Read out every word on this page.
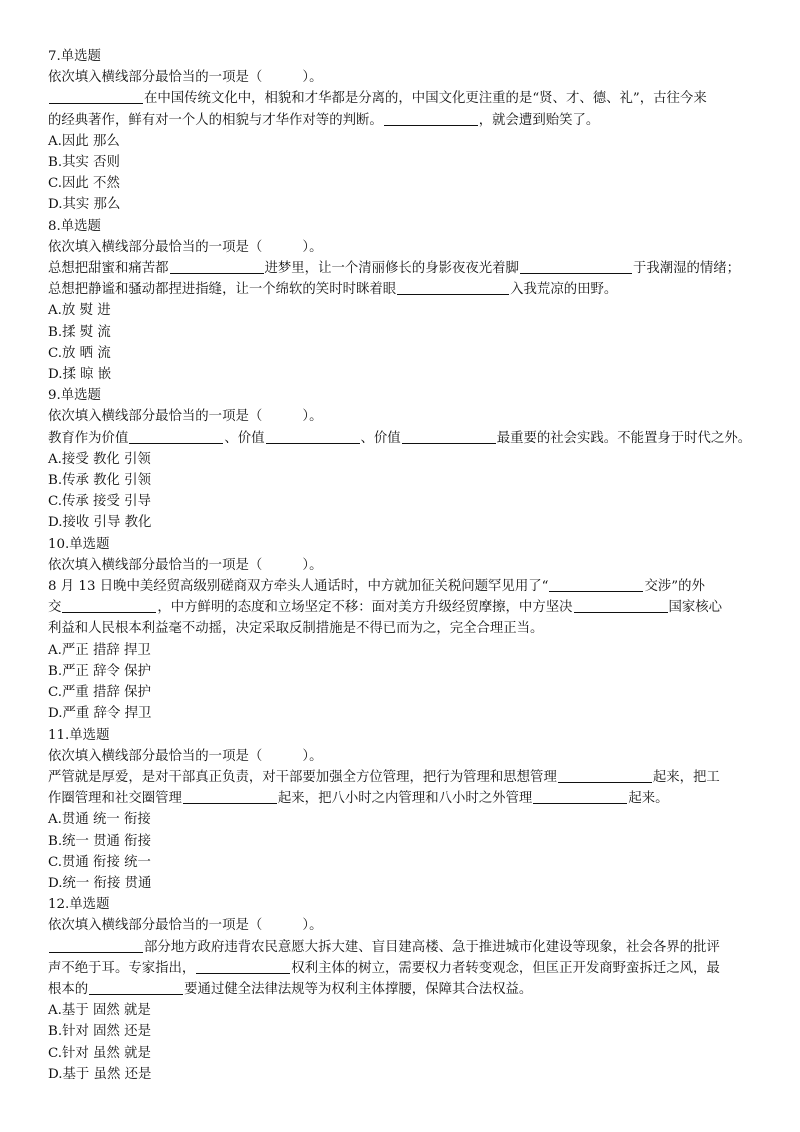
7.单选题
依次填入横线部分最恰当的一项是（　　　）。
在中国传统文化中，相貌和才华都是分离的，中国文化更注重的是“贤、才、德、礼”，古往今来
的经典著作，鲜有对一个人的相貌与才华作对等的判断。	，就会遭到贻笑了。
A.因此 那么
B.其实 否则
C.因此 不然
D.其实 那么
8.单选题
依次填入横线部分最恰当的一项是（　　　）。
总想把甜蜜和痛苦都	进梦里，让一个清丽修长的身影夜夜光着脚	于我潮湿的情绪；
总想把静谧和骚动都捏进指缝，让一个绵软的笑时时眯着眼	入我荒凉的田野。
A.放 熨 进
B.揉 熨 流
C.放 晒 流
D.揉 晾 嵌
9.单选题
依次填入横线部分最恰当的一项是（　　　）。
教育作为价值	、价值	、价值	最重要的社会实践。不能置身于时代之外。
A.接受 教化 引领
B.传承 教化 引领
C.传承 接受 引导
D.接收 引导 教化
10.单选题
依次填入横线部分最恰当的一项是（　　　）。
8 月 13 日晚中美经贸高级别磋商双方牵头人通话时，中方就加征关税问题罕见用了“	交涉”的外
交	，中方鲜明的态度和立场坚定不移：面对美方升级经贸摩擦，中方坚决	国家核心
利益和人民根本利益毫不动摇，决定采取反制措施是不得已而为之，完全合理正当。
A.严正 措辞 捍卫
B.严正 辞令 保护
C.严重 措辞 保护
D.严重 辞令 捍卫
11.单选题
依次填入横线部分最恰当的一项是（　　　）。
严管就是厚爱，是对干部真正负责，对干部要加强全方位管理，把行为管理和思想管理	起来，把工
作圈管理和社交圈管理	起来，把八小时之内管理和八小时之外管理	起来。
A.贯通 统一 衔接
B.统一 贯通 衔接
C.贯通 衔接 统一
D.统一 衔接 贯通
12.单选题
依次填入横线部分最恰当的一项是（　　　）。
部分地方政府违背农民意愿大拆大建、盲目建高楼、急于推进城市化建设等现象，社会各界的批评
声不绝于耳。专家指出，	权利主体的树立，需要权力者转变观念，但匡正开发商野蛮拆迁之风，最
根本的	要通过健全法律法规等为权利主体撑腰，保障其合法权益。
A.基于 固然 就是
B.针对 固然 还是
C.针对 虽然 就是
D.基于 虽然 还是
